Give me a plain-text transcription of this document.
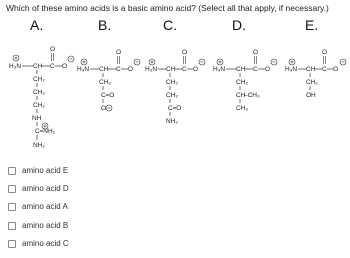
Which of these amino acids is a basic amino acid? (Select all that apply, if necessary.)
A.	B.	C.	D.	E.
H₃N CH C O
O
CH₂
CH₂
CH₂
NH
C =NH₂
NH₂
H₃N CH C O
O
CH₂
C =O
O
H₃N CH C O
O
CH₂
CH₂
C =O
NH₂
H₃N CH C O
O
CH₂
CH
–CH₃
CH₃
H₃N CH C O
O
CH₂
OH
amino acid E
amino acid D
amino acid A
amino acid B
amino acid C
